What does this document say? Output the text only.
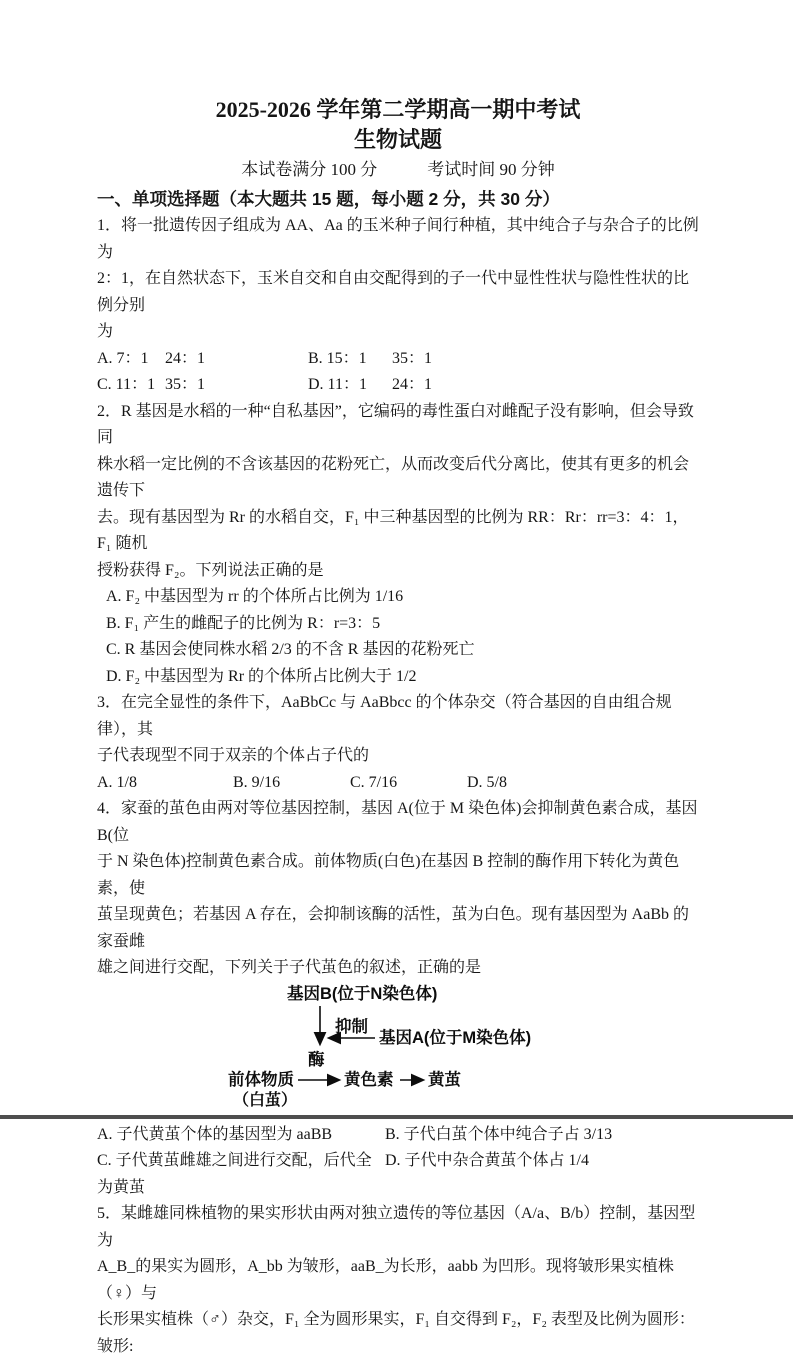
2025-2026 学年第二学期高一期中考试
生物试题
本试卷满分 100 分	考试时间 90 分钟
一、单项选择题（本大题共 15 题，每小题 2 分，共 30 分）

1．将一批遗传因子组成为 AA、Aa 的玉米种子间行种植，其中纯合子与杂合子的比例为

2：1，在自然状态下，玉米自交和自由交配得到的子一代中显性性状与隐性性状的比例分别

为

A. 7：1	24：1	B. 15：1	35：1
C. 11：1 35：1	D. 11：1	24：1

2．R 基因是水稻的一种“自私基因”，它编码的毒性蛋白对雌配子没有影响，但会导致同

株水稻一定比例的不含该基因的花粉死亡，从而改变后代分离比，使其有更多的机会遗传下

去。现有基因型为 Rr 的水稻自交，F₁ 中三种基因型的比例为 RR：Rr：rr=3：4：1，F₁ 随机

授粉获得 F₂。下列说法正确的是

A. F₂ 中基因型为 rr 的个体所占比例为 1/16

B. F₁ 产生的雌配子的比例为 R：r=3：5

C. R 基因会使同株水稻 2/3 的不含 R 基因的花粉死亡

D. F₂ 中基因型为 Rr 的个体所占比例大于 1/2

3．在完全显性的条件下，AaBbCc 与 AaBbcc 的个体杂交（符合基因的自由组合规律），其

子代表现型不同于双亲的个体占子代的

A. 1/8	B. 9/16	C. 7/16	D. 5/8

4．家蚕的茧色由两对等位基因控制，基因 A(位于 M 染色体)会抑制黄色素合成，基因 B(位

于 N 染色体)控制黄色素合成。前体物质(白色)在基因 B 控制的酶作用下转化为黄色素，使

茧呈现黄色；若基因 A 存在，会抑制该酶的活性，茧为白色。现有基因型为 AaBb 的家蚕雌

雄之间进行交配，下列关于子代茧色的叙述，正确的是

基因B(位于N染色体)
抑制
基因A(位于M染色体)
酶
前体物质
（白茧）
黄色素 黄茧
A. 子代黄茧个体的基因型为 aaBB	B. 子代白茧个体中纯合子占 3/13
C. 子代黄茧雌雄之间进行交配，后代全为黄茧
D. 子代中杂合黄茧个体占 1/4

5．某雌雄同株植物的果实形状由两对独立遗传的等位基因（A/a、B/b）控制，基因型为

A_B_的果实为圆形，A_bb 为皱形，aaB_为长形，aabb 为凹形。现将皱形果实植株（♀）与

长形果实植株（♂）杂交，F₁ 全为圆形果实，F₁ 自交得到 F₂，F₂ 表型及比例为圆形：皱形:
